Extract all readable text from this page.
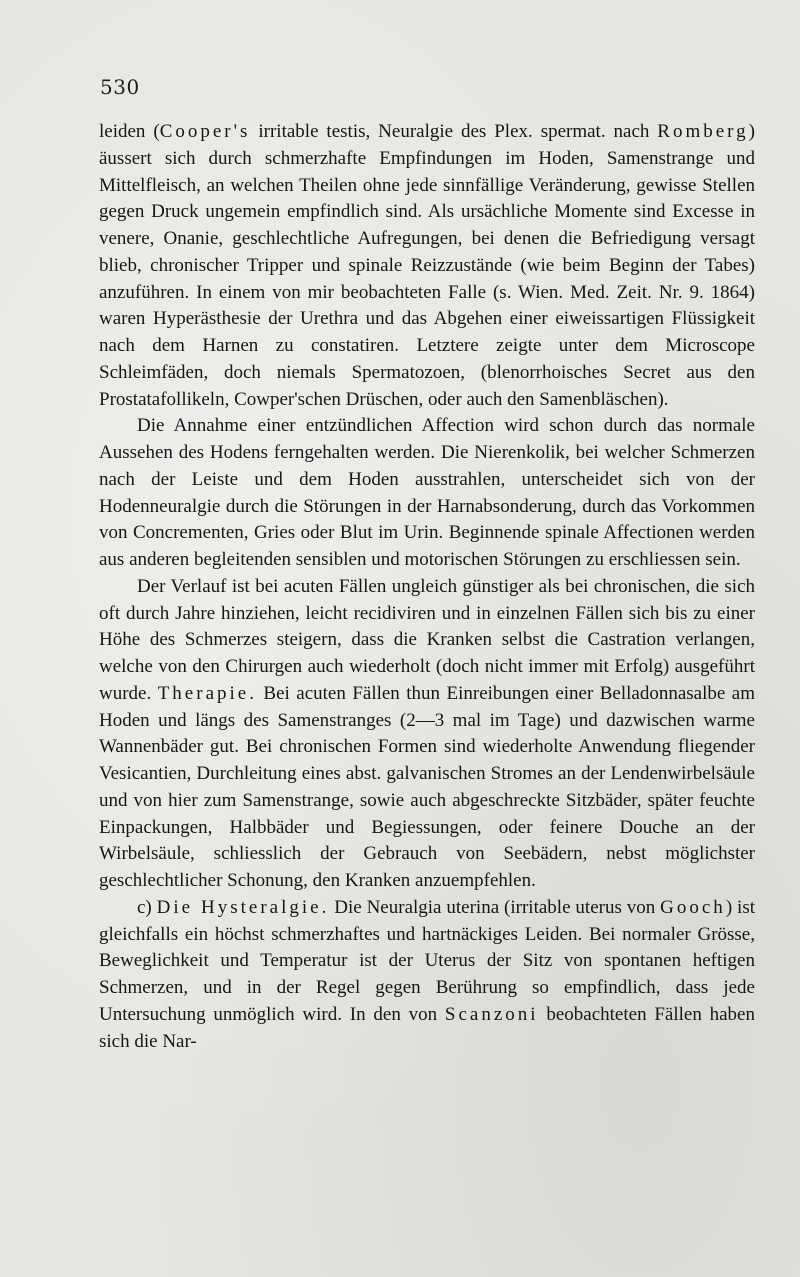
530

leiden (Cooper's irritable testis, Neuralgie des Plex. spermat. nach Romberg) äussert sich durch schmerzhafte Empfindungen im Hoden, Samenstrange und Mittelfleisch, an welchen Theilen ohne jede sinnfällige Veränderung, gewisse Stellen gegen Druck ungemein empfindlich sind. Als ursächliche Momente sind Excesse in venere, Onanie, geschlechtliche Aufregungen, bei denen die Befriedigung versagt blieb, chronischer Tripper und spinale Reizzustände (wie beim Beginn der Tabes) anzuführen. In einem von mir beobachteten Falle (s. Wien. Med. Zeit. Nr. 9. 1864) waren Hyperästhesie der Urethra und das Abgehen einer eiweissartigen Flüssigkeit nach dem Harnen zu constatiren. Letztere zeigte unter dem Microscope Schleimfäden, doch niemals Spermatozoen, (blenorrhoisches Secret aus den Prostatafollikeln, Cowper'schen Drüschen, oder auch den Samenbläschen).

Die Annahme einer entzündlichen Affection wird schon durch das normale Aussehen des Hodens ferngehalten werden. Die Nierenkolik, bei welcher Schmerzen nach der Leiste und dem Hoden ausstrahlen, unterscheidet sich von der Hodenneuralgie durch die Störungen in der Harnabsonderung, durch das Vorkommen von Concrementen, Gries oder Blut im Urin. Beginnende spinale Affectionen werden aus anderen begleitenden sensiblen und motorischen Störungen zu erschliessen sein.

Der Verlauf ist bei acuten Fällen ungleich günstiger als bei chronischen, die sich oft durch Jahre hinziehen, leicht recidiviren und in einzelnen Fällen sich bis zu einer Höhe des Schmerzes steigern, dass die Kranken selbst die Castration verlangen, welche von den Chirurgen auch wiederholt (doch nicht immer mit Erfolg) ausgeführt wurde. Therapie. Bei acuten Fällen thun Einreibungen einer Belladonnasalbe am Hoden und längs des Samenstranges (2—3 mal im Tage) und dazwischen warme Wannenbäder gut. Bei chronischen Formen sind wiederholte Anwendung fliegender Vesicantien, Durchleitung eines abst. galvanischen Stromes an der Lendenwirbelsäule und von hier zum Samenstrange, sowie auch abgeschreckte Sitzbäder, später feuchte Einpackungen, Halbbäder und Begiessungen, oder feinere Douche an der Wirbelsäule, schliesslich der Gebrauch von Seebädern, nebst möglichster geschlechtlicher Schonung, den Kranken anzuempfehlen.

c) Die Hysteralgie. Die Neuralgia uterina (irritable uterus von Gooch) ist gleichfalls ein höchst schmerzhaftes und hartnäckiges Leiden. Bei normaler Grösse, Beweglichkeit und Temperatur ist der Uterus der Sitz von spontanen heftigen Schmerzen, und in der Regel gegen Berührung so empfindlich, dass jede Untersuchung unmöglich wird. In den von Scanzoni beobachteten Fällen haben sich die Nar-
